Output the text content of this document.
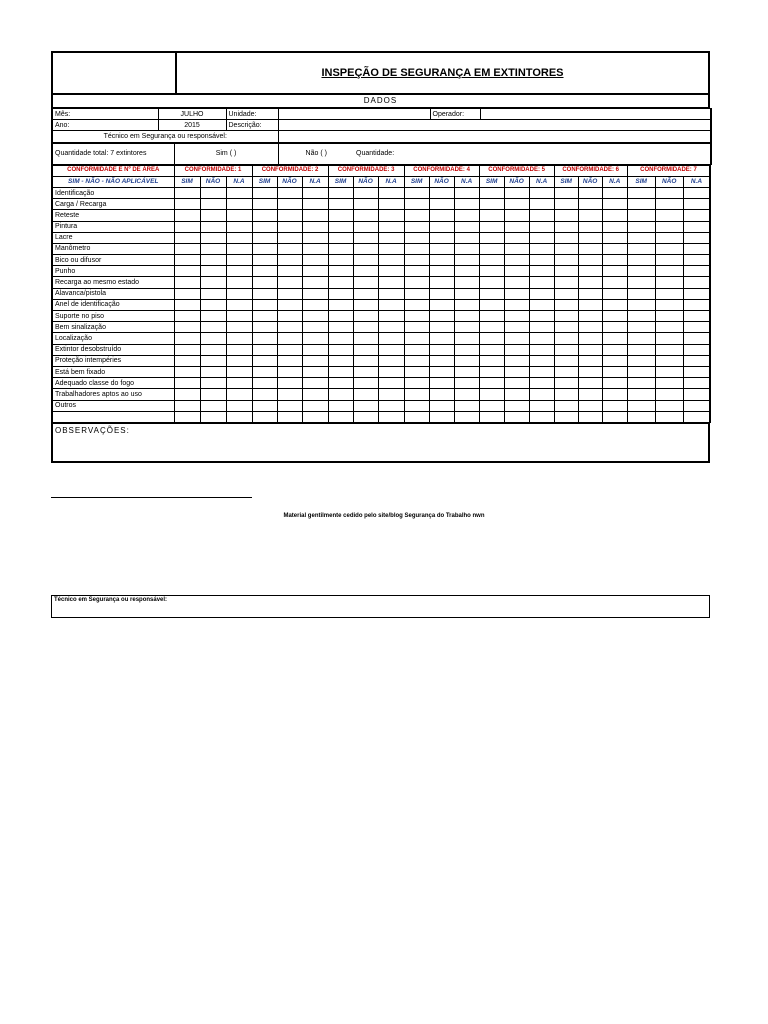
INSPEÇÃO DE SEGURANÇA EM EXTINTORES
DADOS
Mês:	JULHO	Unidade:		Operador:	
Ano:	2015	Descrição:			
Técnico em Segurança ou responsável:					
Quantidade total: 7 extintores	Sim ( )	Não ( )	Quantidade:
CONFORMIDADE E Nº DE ÁREA	CONFORMIDADE: 1			CONFORMIDADE: 2			CONFORMIDADE: 3			CONFORMIDADE: 4			CONFORMIDADE: 5			CONFORMIDADE: 6			CONFORMIDADE: 7		
SIM - NÃO - NÃO APLICÁVEL	SIM	NÃO	N.A	SIM	NÃO	N.A	SIM	NÃO	N.A	SIM	NÃO	N.A	SIM	NÃO	N.A	SIM	NÃO	N.A	SIM	NÃO	N.A
Identificação																					
Carga / Recarga																					
Reteste																					
Pintura																					
Lacre																					
Manômetro																					
Bico ou difusor																					
Punho																					
Recarga ao mesmo estado																					
Alavanca/pistola																					
Anel de identificação																					
Suporte no piso																					
Bem sinalização																					
Localização																					
Extintor desobstruído																					
Proteção intempéries																					
Está bem fixado																					
Adequado classe do fogo																					
Trabalhadores aptos ao uso																					
Outros																					

OBSERVAÇÕES:
Material gentilmente cedido pelo site/blog Segurança do Trabalho nwn
Técnico em Segurança ou responsável:
